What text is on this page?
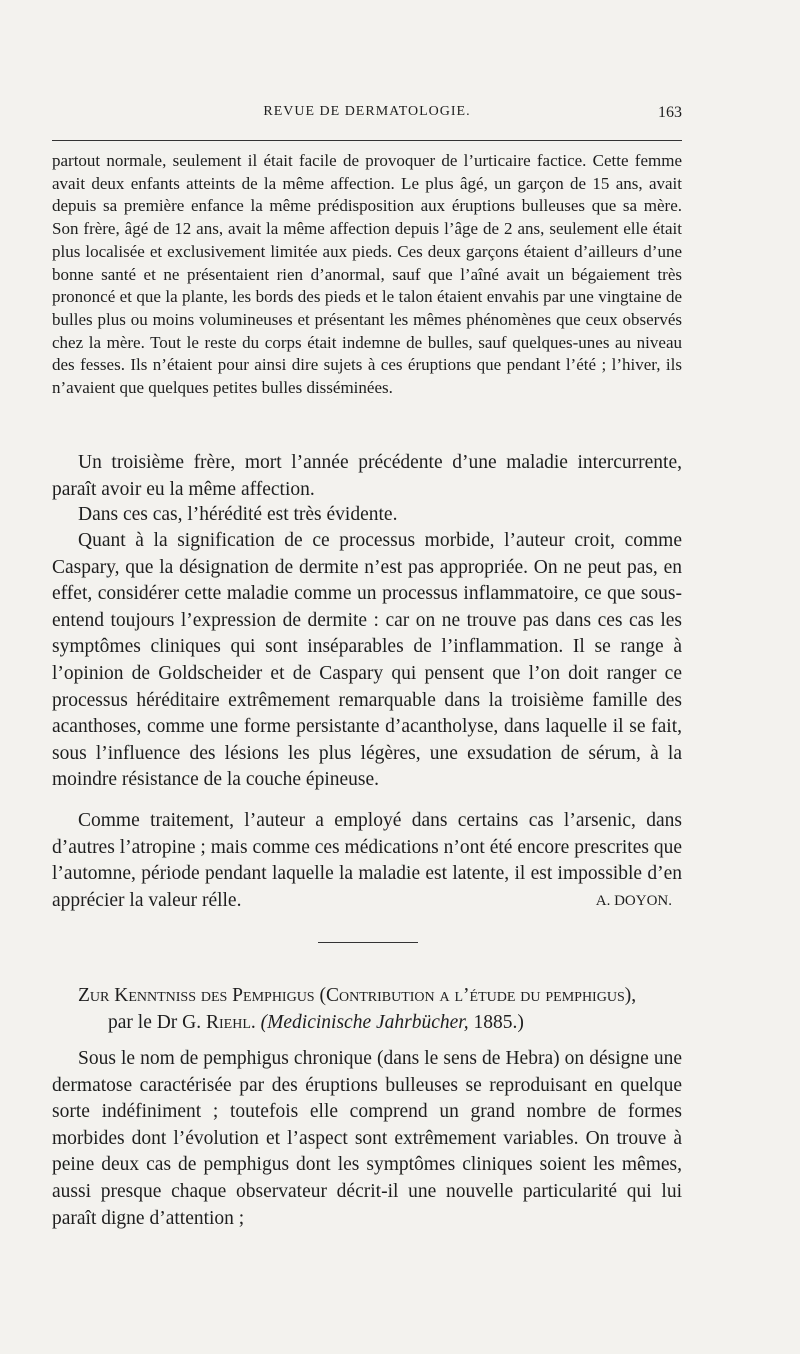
REVUE DE DERMATOLOGIE.	163

partout normale, seulement il était facile de provoquer de l’urticaire factice. Cette femme avait deux enfants atteints de la même affection. Le plus âgé, un garçon de 15 ans, avait depuis sa première enfance la même prédisposition aux éruptions bulleuses que sa mère. Son frère, âgé de 12 ans, avait la même affection depuis l’âge de 2 ans, seulement elle était plus localisée et exclusivement limitée aux pieds. Ces deux garçons étaient d’ailleurs d’une bonne santé et ne présentaient rien d’anormal, sauf que l’aîné avait un bégaiement très prononcé et que la plante, les bords des pieds et le talon étaient envahis par une vingtaine de bulles plus ou moins volumineuses et présentant les mêmes phénomènes que ceux observés chez la mère. Tout le reste du corps était indemne de bulles, sauf quelques-unes au niveau des fesses. Ils n’étaient pour ainsi dire sujets à ces éruptions que pendant l’été ; l’hiver, ils n’avaient que quelques petites bulles disséminées.

Un troisième frère, mort l’année précédente d’une maladie intercurrente, paraît avoir eu la même affection.

Dans ces cas, l’hérédité est très évidente.

Quant à la signification de ce processus morbide, l’auteur croit, comme Caspary, que la désignation de dermite n’est pas appropriée. On ne peut pas, en effet, considérer cette maladie comme un processus inflammatoire, ce que sous-entend toujours l’expression de dermite : car on ne trouve pas dans ces cas les symptômes cliniques qui sont inséparables de l’inflammation. Il se range à l’opinion de Goldscheider et de Caspary qui pensent que l’on doit ranger ce processus héréditaire extrêmement remarquable dans la troisième famille des acanthoses, comme une forme persistante d’acantholyse, dans laquelle il se fait, sous l’influence des lésions les plus légères, une exsudation de sérum, à la moindre résistance de la couche épineuse.

Comme traitement, l’auteur a employé dans certains cas l’arsenic, dans d’autres l’atropine ; mais comme ces médications n’ont été encore prescrites que l’automne, période pendant laquelle la maladie est latente, il est impossible d’en apprécier la valeur rélle.	A. DOYON.

Zur Kenntniss des Pemphigus (Contribution a l’étude du pemphigus),
par le Dr G. Riehl. (Medicinische Jahrbücher, 1885.)

Sous le nom de pemphigus chronique (dans le sens de Hebra) on désigne une dermatose caractérisée par des éruptions bulleuses se reproduisant en quelque sorte indéfiniment ; toutefois elle comprend un grand nombre de formes morbides dont l’évolution et l’aspect sont extrêmement variables. On trouve à peine deux cas de pemphigus dont les symptômes cliniques soient les mêmes, aussi presque chaque observateur décrit-il une nouvelle particularité qui lui paraît digne d’attention ;
